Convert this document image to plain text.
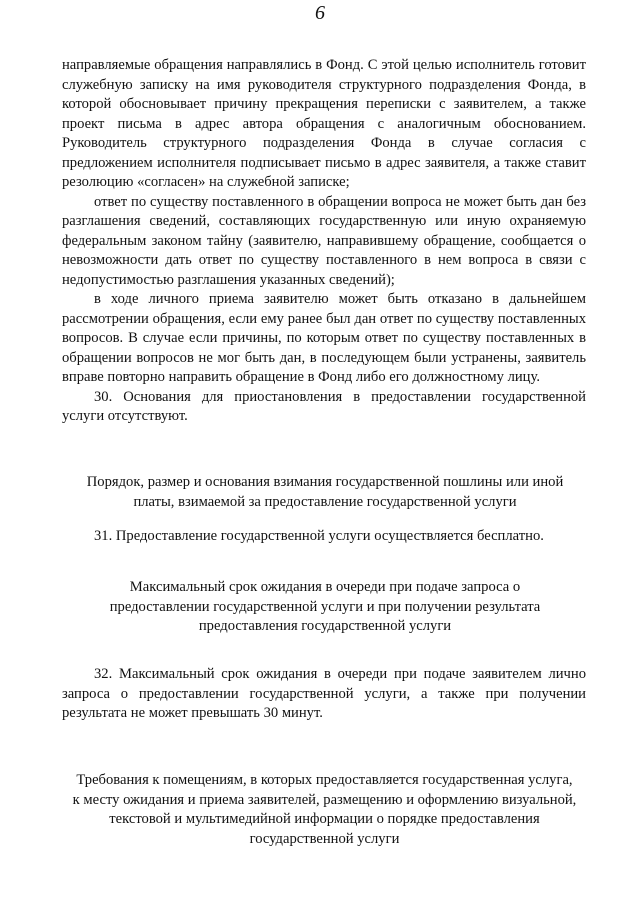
6

направляемые обращения направлялись в Фонд. С этой целью исполнитель готовит служебную записку на имя руководителя структурного подразделения Фонда, в которой обосновывает причину прекращения переписки с заявителем, а также проект письма в адрес автора обращения с аналогичным обоснованием. Руководитель структурного подразделения Фонда в случае согласия с предложением исполнителя подписывает письмо в адрес заявителя, а также ставит резолюцию «согласен» на служебной записке;

ответ по существу поставленного в обращении вопроса не может быть дан без разглашения сведений, составляющих государственную или иную охраняемую федеральным законом тайну (заявителю, направившему обращение, сообщается о невозможности дать ответ по существу поставленного в нем вопроса в связи с недопустимостью разглашения указанных сведений);

в ходе личного приема заявителю может быть отказано в дальнейшем рассмотрении обращения, если ему ранее был дан ответ по существу поставленных вопросов. В случае если причины, по которым ответ по существу поставленных в обращении вопросов не мог быть дан, в последующем были устранены, заявитель вправе повторно направить обращение в Фонд либо его должностному лицу.

30. Основания для приостановления в предоставлении государственной услуги отсутствуют.

Порядок, размер и основания взимания государственной пошлины или иной платы, взимаемой за предоставление государственной услуги

31. Предоставление государственной услуги осуществляется бесплатно.

Максимальный срок ожидания в очереди при подаче запроса о предоставлении государственной услуги и при получении результата предоставления государственной услуги

32. Максимальный срок ожидания в очереди при подаче заявителем лично запроса о предоставлении государственной услуги, а также при получении результата не может превышать 30 минут.

Требования к помещениям, в которых предоставляется государственная услуга, к месту ожидания и приема заявителей, размещению и оформлению визуальной, текстовой и мультимедийной информации о порядке предоставления государственной услуги
